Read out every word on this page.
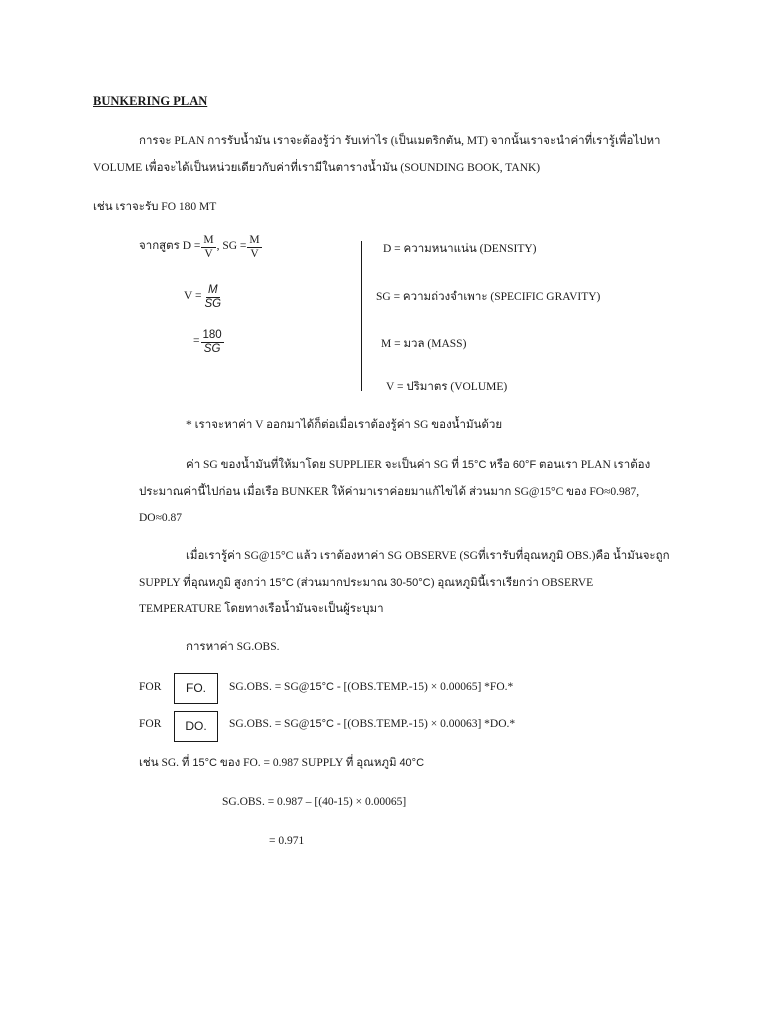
BUNKERING PLAN
การจะ PLAN การรับน้ำมัน เราจะต้องรู้ว่า รับเท่าไร (เป็นเมตริกตัน, MT) จากนั้นเราจะนำค่าที่เรารู้เพื่อไปหา
VOLUME เพื่อจะได้เป็นหน่วยเดียวกับค่าที่เรามีในตารางน้ำมัน (SOUNDING BOOK, TANK)
เช่น เราจะรับ FO 180 MT
จากสูตร $D = \frac{M}{V}$ , SG = $\frac{M}{V}$
$V = \frac{M}{SG}$
= $\frac{180}{SG}$
D = ความหนาแน่น (DENSITY)
SG = ความถ่วงจำเพาะ (SPECIFIC GRAVITY)
M = มวล (MASS)
V = ปริมาตร (VOLUME)
* เราจะหาค่า V ออกมาได้ก็ต่อเมื่อเราต้องรู้ค่า SG ของน้ำมันด้วย
ค่า SG ของน้ำมันที่ให้มาโดย SUPPLIER จะเป็นค่า SG ที่ 15°C หรือ 60°F ตอนเรา PLAN เราต้อง
ประมาณค่านี้ไปก่อน เมื่อเรือ BUNKER ให้ค่ามาเราค่อยมาแก้ไขได้ ส่วนมาก SG@15°C ของ FO≈0.987,
DO≈0.87
เมื่อเรารู้ค่า SG@15°C แล้ว เราต้องหาค่า SG OBSERVE (SGที่เรารับที่อุณหภูมิ OBS.)คือ น้ำมันจะถูก
SUPPLY ที่อุณหภูมิ สูงกว่า 15°C (ส่วนมากประมาณ 30-50°C) อุณหภูมินี้เราเรียกว่า OBSERVE
TEMPERATURE โดยทางเรือน้ำมันจะเป็นผู้ระบุมา
การหาค่า SG.OBS.
FOR	FO.	SG.OBS. = SG@15°C - [(OBS.TEMP.-15) × 0.00065] *FO.*
FOR	DO.	SG.OBS. = SG@15°C - [(OBS.TEMP.-15) × 0.00063] *DO.*
เช่น SG. ที่ 15°C ของ FO. = 0.987 SUPPLY ที่ อุณหภูมิ 40°C
SG.OBS. = 0.987 – [(40-15) × 0.00065]
= 0.971
